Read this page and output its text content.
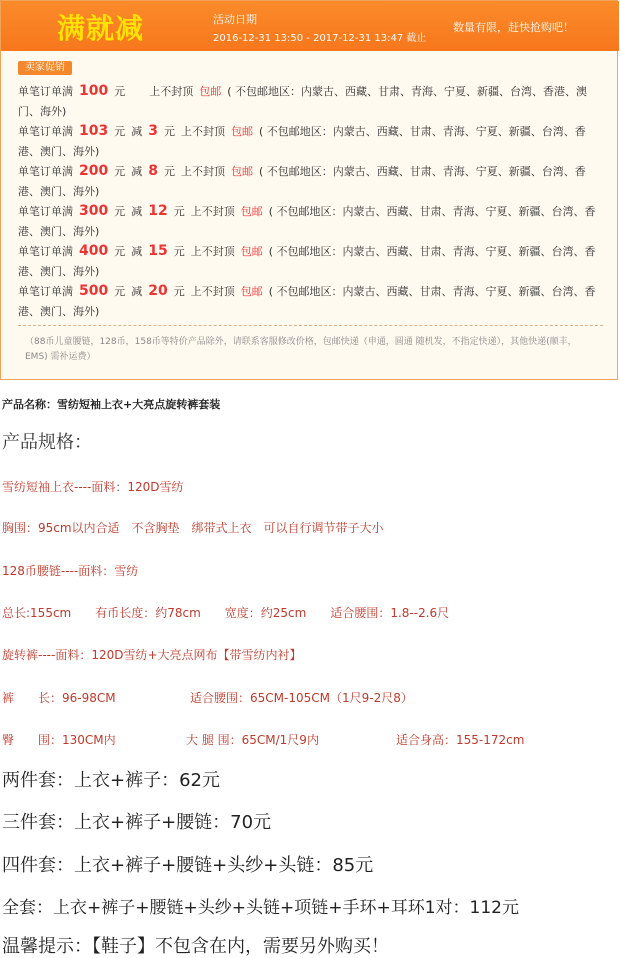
满就减	活动日期
2016-12-31 13:50 - 2017-12-31 13:47 截止
数量有限，赶快抢购吧！
卖家促销
单笔订单满 100 元 上不封顶 包邮 ( 不包邮地区：内蒙古、西藏、甘肃、青海、宁夏、新疆、台湾、香港、澳门、海外)
单笔订单满 103 元 减 3 元 上不封顶 包邮 ( 不包邮地区：内蒙古、西藏、甘肃、青海、宁夏、新疆、台湾、香港、澳门、海外)
单笔订单满 200 元 减 8 元 上不封顶 包邮 ( 不包邮地区：内蒙古、西藏、甘肃、青海、宁夏、新疆、台湾、香港、澳门、海外)
单笔订单满 300 元 减 12 元 上不封顶 包邮 ( 不包邮地区：内蒙古、西藏、甘肃、青海、宁夏、新疆、台湾、香港、澳门、海外)
单笔订单满 400 元 减 15 元 上不封顶 包邮 ( 不包邮地区：内蒙古、西藏、甘肃、青海、宁夏、新疆、台湾、香港、澳门、海外)
单笔订单满 500 元 减 20 元 上不封顶 包邮 ( 不包邮地区：内蒙古、西藏、甘肃、青海、宁夏、新疆、台湾、香港、澳门、海外)
（88币儿童腰链，128币，158币等特价产品除外，请联系客服修改价格，包邮快递（申通，圆通 随机发，不指定快递），其他快递(顺丰，EMS) 需补运费）
产品名称：雪纺短袖上衣+大亮点旋转裤套装
产品规格：
雪纺短袖上衣----面料：120D雪纺
胸围：95cm以内合适　不含胸垫　绑带式上衣　可以自行调节带子大小
128币腰链----面料：雪纺
总长:155cm　　有币长度：约78cm　　宽度：约25cm　　适合腰围：1.8--2.6尺
旋转裤----面料：120D雪纺+大亮点网布【带雪纺内衬】
裤　　长：96-98CM	适合腰围：65CM-105CM（1尺9-2尺8）
臀　　围：130CM内	大 腿 围：65CM/1尺9内	适合身高：155-172cm
两件套：上衣+裤子：62元
三件套：上衣+裤子+腰链：70元
四件套：上衣+裤子+腰链+头纱+头链：85元
全套：上衣+裤子+腰链+头纱+头链+项链+手环+耳环1对：112元
温馨提示：【鞋子】不包含在内，需要另外购买！
